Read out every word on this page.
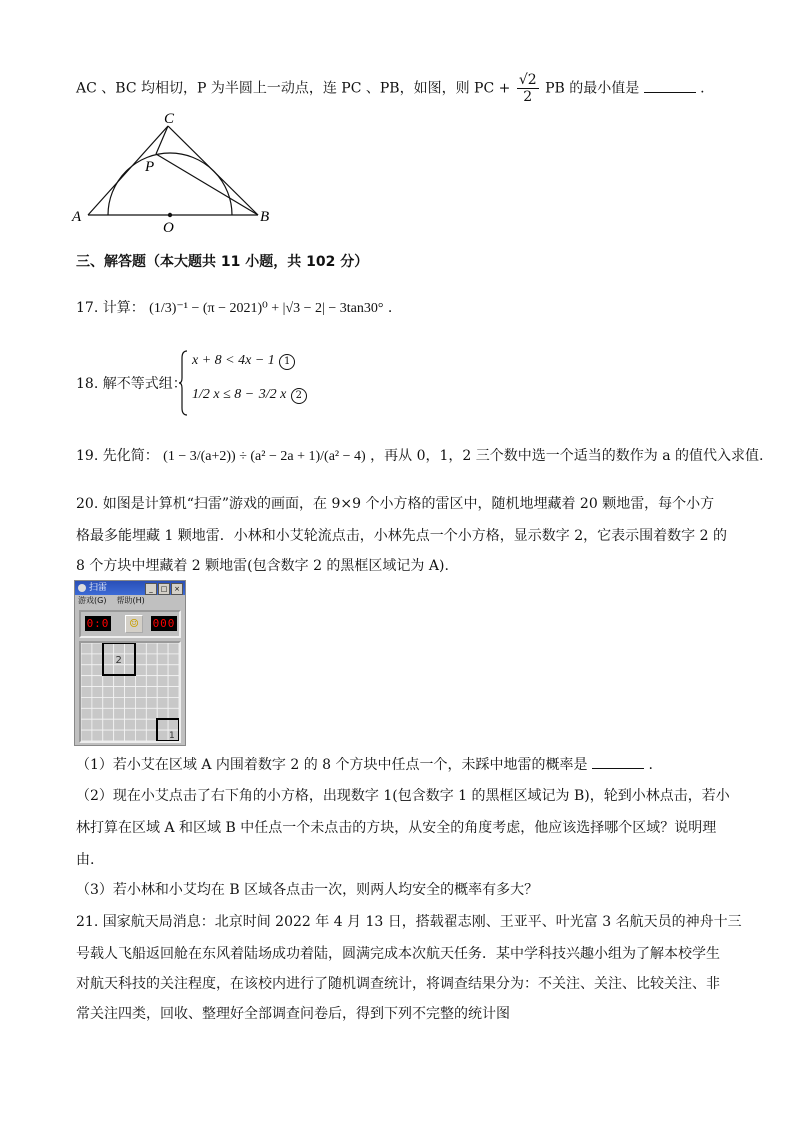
AC 、BC 均相切，P 为半圆上一动点，连 PC 、PB，如图，则 PC + $\frac{√2}{2}$ PB 的最小值是	.
A	B
C
P
O
三、解答题（本大题共 11 小题，共 102 分）
17. 计算： (1/3)⁻¹ − (π − 2021)⁰ + |√3 − 2| − 3tan30° .
18. 解不等式组：
x + 8 < 4x − 1 1
1/2 x ≤ 8 − 3/2 x 2
19. 先化简： (1 − 3/(a+2)) ÷ (a² − 2a + 1)/(a² − 4) ，再从 0，1，2 三个数中选一个适当的数作为 a 的值代入求值.
20. 如图是计算机“扫雷”游戏的画面，在 9×9 个小方格的雷区中，随机地埋藏着 20 颗地雷，每个小方
格最多能埋藏 1 颗地雷．小林和小艾轮流点击，小林先点一个小方格，显示数字 2，它表示围着数字 2 的
8 个方块中埋藏着 2 颗地雷(包含数字 2 的黑框区域记为 A).
扫雷	_	□ ×
游戏(G) 帮助(H)
0:0	☺	000
2
1
（1）若小艾在区域 A 内围着数字 2 的 8 个方块中任点一个，未踩中地雷的概率是	.
（2）现在小艾点击了右下角的小方格，出现数字 1(包含数字 1 的黑框区域记为 B)，轮到小林点击，若小
林打算在区域 A 和区域 B 中任点一个未点击的方块，从安全的角度考虑，他应该选择哪个区域？说明理
由.
（3）若小林和小艾均在 B 区域各点击一次，则两人均安全的概率有多大？
21. 国家航天局消息：北京时间 2022 年 4 月 13 日，搭载翟志刚、王亚平、叶光富 3 名航天员的神舟十三
号载人飞船返回舱在东风着陆场成功着陆，圆满完成本次航天任务．某中学科技兴趣小组为了解本校学生
对航天科技的关注程度，在该校内进行了随机调查统计，将调查结果分为：不关注、关注、比较关注、非
常关注四类，回收、整理好全部调查问卷后，得到下列不完整的统计图
